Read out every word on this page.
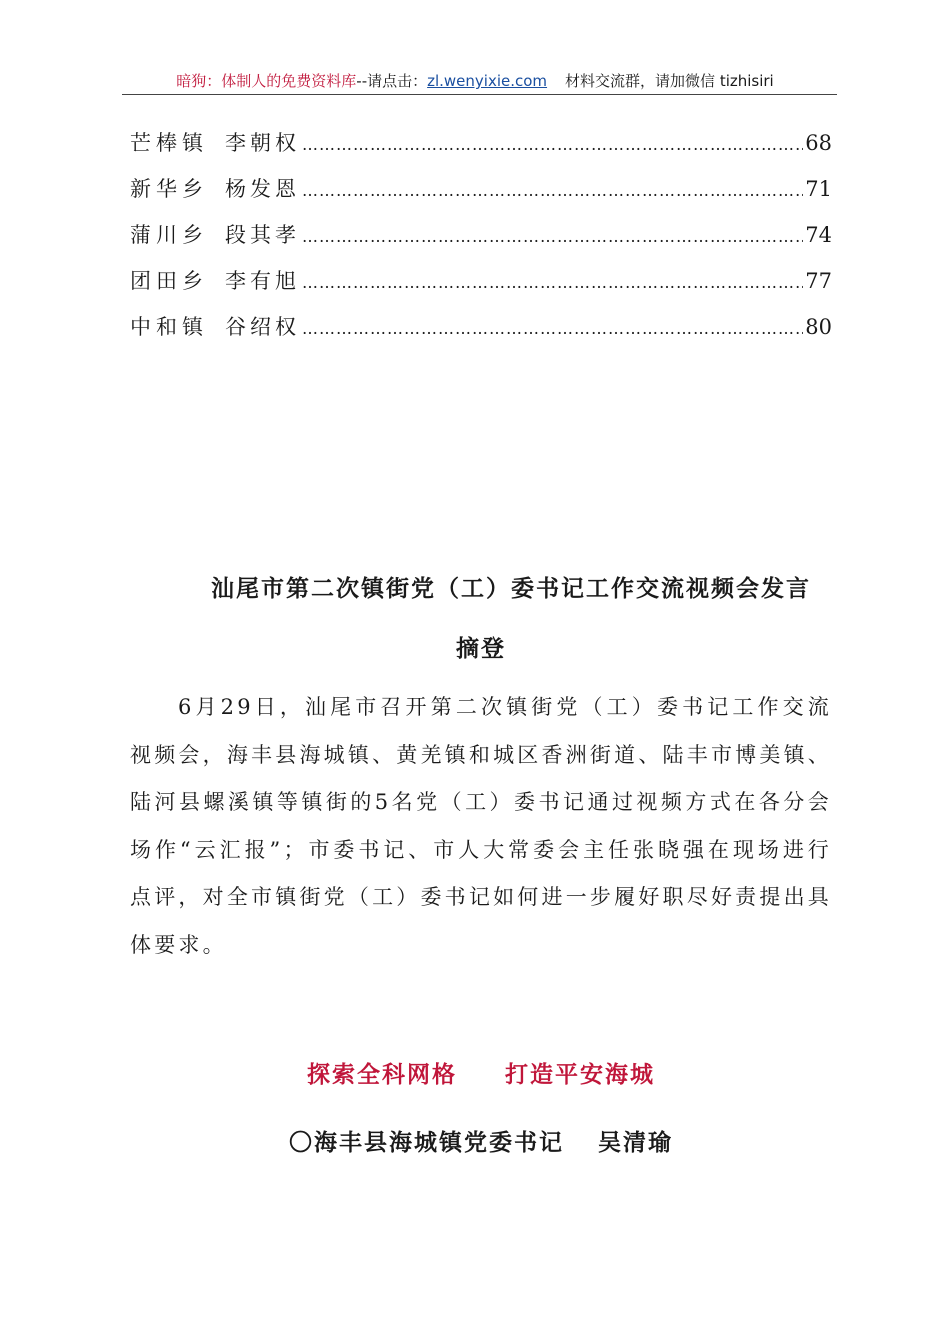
暗狗：体制人的免费资料库--请点击：zl.wenyixie.com 材料交流群，请加微信 tizhisiri
芒棒镇 李朝权 ……………………………………………………………………………………………………………………	68
新华乡 杨发恩 ……………………………………………………………………………………………………………………	71
蒲川乡 段其孝 ……………………………………………………………………………………………………………………	74
团田乡 李有旭 ……………………………………………………………………………………………………………………	77
中和镇 谷绍权 ……………………………………………………………………………………………………………………	80
汕尾市第二次镇街党（工）委书记工作交流视频会发言
摘登
6月29日，汕尾市召开第二次镇街党（工）委书记工作交流视频会，海丰县海城镇、黄羌镇和城区香洲街道、陆丰市博美镇、陆河县螺溪镇等镇街的5名党（工）委书记通过视频方式在各分会场作“云汇报”；市委书记、市人大常委会主任张晓强在现场进行点评，对全市镇街党（工）委书记如何进一步履好职尽好责提出具体要求。
探索全科网格 打造平安海城
〇海丰县海城镇党委书记 吴清瑜
